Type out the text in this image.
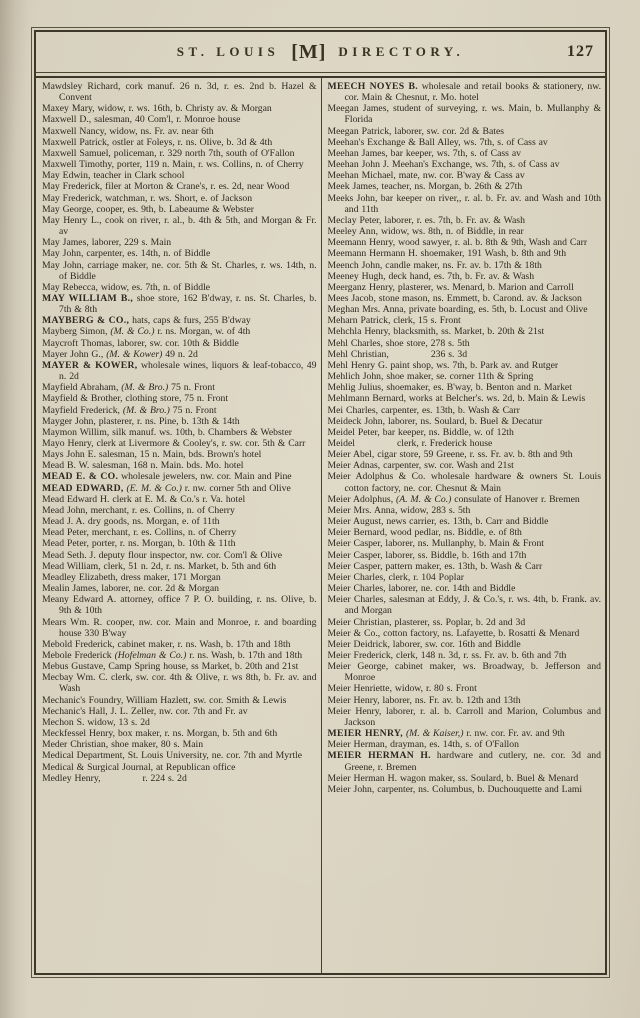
ST. LOUIS [M] DIRECTORY.	127

Mawdsley Richard, cork manuf. 26 n. 3d, r. es. 2nd b. Hazel & Convent

Maxey Mary, widow, r. ws. 16th, b. Christy av. & Morgan

Maxwell D., salesman, 40 Com'l, r. Monroe house

Maxwell Nancy, widow, ns. Fr. av. near 6th

Maxwell Patrick, ostler at Foleys, r. ns. Olive, b. 3d & 4th

Maxwell Samuel, policeman, r. 329 north 7th, south of O'Fallon

Maxwell Timothy, porter, 119 n. Main, r. ws. Collins, n. of Cherry

May Edwin, teacher in Clark school

May Frederick, filer at Morton & Crane's, r. es. 2d, near Wood

May Frederick, watchman, r. ws. Short, e. of Jackson

May George, cooper, es. 9th, b. Labeaume & Webster

May Henry L., cook on river, r. al., b. 4th & 5th, and Morgan & Fr. av

May James, laborer, 229 s. Main

May John, carpenter, es. 14th, n. of Biddle

May John, carriage maker, ne. cor. 5th & St. Charles, r. ws. 14th, n. of Biddle

May Rebecca, widow, es. 7th, n. of Biddle

MAY WILLIAM B., shoe store, 162 B'dway, r. ns. St. Charles, b. 7th & 8th

MAYBERG & CO., hats, caps & furs, 255 B'dway

Mayberg Simon, (M. & Co.) r. ns. Morgan, w. of 4th

Maycroft Thomas, laborer, sw. cor. 10th & Biddle

Mayer John G., (M. & Kower) 49 n. 2d

MAYER & KOWER, wholesale wines, liquors & leaf-tobacco, 49 n. 2d

Mayfield Abraham, (M. & Bro.) 75 n. Front

Mayfield & Brother, clothing store, 75 n. Front

Mayfield Frederick, (M. & Bro.) 75 n. Front

Mayger John, plasterer, r. ns. Pine, b. 13th & 14th

Maymon Willim, silk manuf. ws. 10th, b. Chambers & Webster

Mayo Henry, clerk at Livermore & Cooley's, r. sw. cor. 5th & Carr

Mays John E. salesman, 15 n. Main, bds. Brown's hotel

Mead B. W. salesman, 168 n. Main. bds. Mo. hotel

MEAD E. & CO. wholesale jewelers, nw. cor. Main and Pine

MEAD EDWARD, (E. M. & Co.) r. nw. corner 5th and Olive

Mead Edward H. clerk at E. M. & Co.'s r. Va. hotel

Mead John, merchant, r. es. Collins, n. of Cherry

Mead J. A. dry goods, ns. Morgan, e. of 11th

Mead Peter, merchant, r. es. Collins, n. of Cherry

Mead Peter, porter, r. ns. Morgan, b. 10th & 11th

Mead Seth. J. deputy flour inspector, nw. cor. Com'l & Olive

Mead William, clerk, 51 n. 2d, r. ns. Market, b. 5th and 6th

Meadley Elizabeth, dress maker, 171 Morgan

Mealin James, laborer, ne. cor. 2d & Morgan

Meany Edward A. attorney, office 7 P. O. building, r. ns. Olive, b. 9th & 10th

Mears Wm. R. cooper, nw. cor. Main and Monroe, r. and boarding house 330 B'way

Mebold Frederick, cabinet maker, r. ns. Wash, b. 17th and 18th

Mebole Frederick (Hofelman & Co.) r. ns. Wash, b. 17th and 18th

Mebus Gustave, Camp Spring house, ss Market, b. 20th and 21st

Mecbay Wm. C. clerk, sw. cor. 4th & Olive, r. ws 8th, b. Fr. av. and Wash

Mechanic's Foundry, William Hazlett, sw. cor. Smith & Lewis

Mechanic's Hall, J. L. Zeller, nw. cor. 7th and Fr. av

Mechon S. widow, 13 s. 2d

Meckfessel Henry, box maker, r. ns. Morgan, b. 5th and 6th

Meder Christian, shoe maker, 80 s. Main

Medical Department, St. Louis University, ne. cor. 7th and Myrtle

Medical & Surgical Journal, at Republican office

Medley Henry,	r. 224 s. 2d

MEECH NOYES B. wholesale and retail books & stationery, nw. cor. Main & Chesnut, r. Mo. hotel

Meegan James, student of surveying, r. ws. Main, b. Mullanphy & Florida

Meegan Patrick, laborer, sw. cor. 2d & Bates

Meehan's Exchange & Ball Alley, ws. 7th, s. of Cass av

Meehan James, bar keeper, ws. 7th, s. of Cass av

Meehan John J. Meehan's Exchange, ws. 7th, s. of Cass av

Meehan Michael, mate, nw. cor. B'way & Cass av

Meek James, teacher, ns. Morgan, b. 26th & 27th

Meeks John, bar keeper on river,, r. al. b. Fr. av. and Wash and 10th and 11th

Meclay Peter, laborer, r. es. 7th, b. Fr. av. & Wash

Meeley Ann, widow, ws. 8th, n. of Biddle, in rear

Meemann Henry, wood sawyer, r. al. b. 8th & 9th, Wash and Carr

Meemann Hermann H. shoemaker, 191 Wash, b. 8th and 9th

Meench John, candle maker, ns. Fr. av. b. 17th & 18th

Meeney Hugh, deck hand, es. 7th, b. Fr. av. & Wash

Meerganz Henry, plasterer, ws. Menard, b. Marion and Carroll

Mees Jacob, stone mason, ns. Emmett, b. Carond. av. & Jackson

Meghan Mrs. Anna, private boarding, es. 5th, b. Locust and Olive

Meharn Patrick, clerk, 15 s. Front

Mehchla Henry, blacksmith, ss. Market, b. 20th & 21st

Mehl Charles, shoe store, 278 s. 5th

Mehl Christian,	236 s. 3d

Mehl Henry G. paint shop, ws. 7th, b. Park av. and Rutger

Mehlich John, shoe maker, se. corner 11th & Spring

Mehlig Julius, shoemaker, es. B'way, b. Benton and n. Market

Mehlmann Bernard, works at Belcher's. ws. 2d, b. Main & Lewis

Mei Charles, carpenter, es. 13th, b. Wash & Carr

Meideck John, laborer, ns. Soulard, b. Buel & Decatur

Meidel Peter, bar keeper, ns. Biddle, w. of 12th

Meidel	clerk, r. Frederick house

Meier Abel, cigar store, 59 Greene, r. ss. Fr. av. b. 8th and 9th

Meier Adnas, carpenter, sw. cor. Wash and 21st

Meier Adolphus & Co. wholesale hardware & owners St. Louis cotton factory, ne. cor. Chesnut & Main

Meier Adolphus, (A. M. & Co.) consulate of Hanover r. Bremen

Meier Mrs. Anna, widow, 283 s. 5th

Meier August, news carrier, es. 13th, b. Carr and Biddle

Meier Bernard, wood pedlar, ns. Biddle, e. of 8th

Meier Casper, laborer, ns. Mullanphy, b. Main & Front

Meier Casper, laborer, ss. Biddle, b. 16th and 17th

Meier Casper, pattern maker, es. 13th, b. Wash & Carr

Meier Charles, clerk, r. 104 Poplar

Meier Charles, laborer, ne. cor. 14th and Biddle

Meier Charles, salesman at Eddy, J. & Co.'s, r. ws. 4th, b. Frank. av. and Morgan

Meier Christian, plasterer, ss. Poplar, b. 2d and 3d

Meier & Co., cotton factory, ns. Lafayette, b. Rosatti & Menard

Meier Deidrick, laborer, sw. cor. 16th and Biddle

Meier Frederick, clerk, 148 n. 3d, r. ss. Fr. av. b. 6th and 7th

Meier George, cabinet maker, ws. Broadway, b. Jefferson and Monroe

Meier Henriette, widow, r. 80 s. Front

Meier Henry, laborer, ns. Fr. av. b. 12th and 13th

Meier Henry, laborer, r. al. b. Carroll and Marion, Columbus and Jackson

MEIER HENRY, (M. & Kaiser,) r. nw. cor. Fr. av. and 9th

Meier Herman, drayman, es. 14th, s. of O'Fallon

MEIER HERMAN H. hardware and cutlery, ne. cor. 3d and Greene, r. Bremen

Meier Herman H. wagon maker, ss. Soulard, b. Buel & Menard

Meier John, carpenter, ns. Columbus, b. Duchouquette and Lami
